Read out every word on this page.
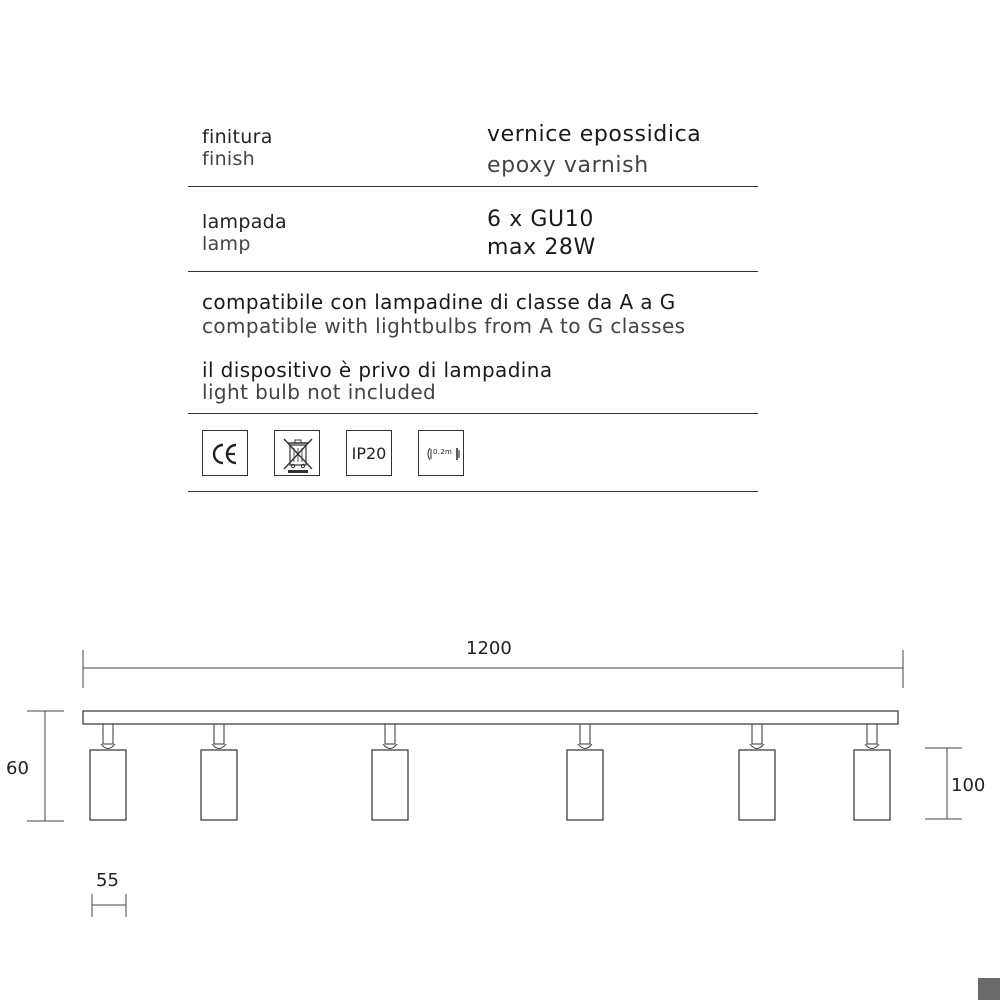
finitura
finish
vernice epossidica
epoxy varnish
lampada
lamp
6 x GU10
max 28W
compatibile con lampadine di classe da A a G
compatible with lightbulbs from A to G classes
il dispositivo è privo di lampadina
light bulb not included
IP20	0.2m
1200
60
100
55
